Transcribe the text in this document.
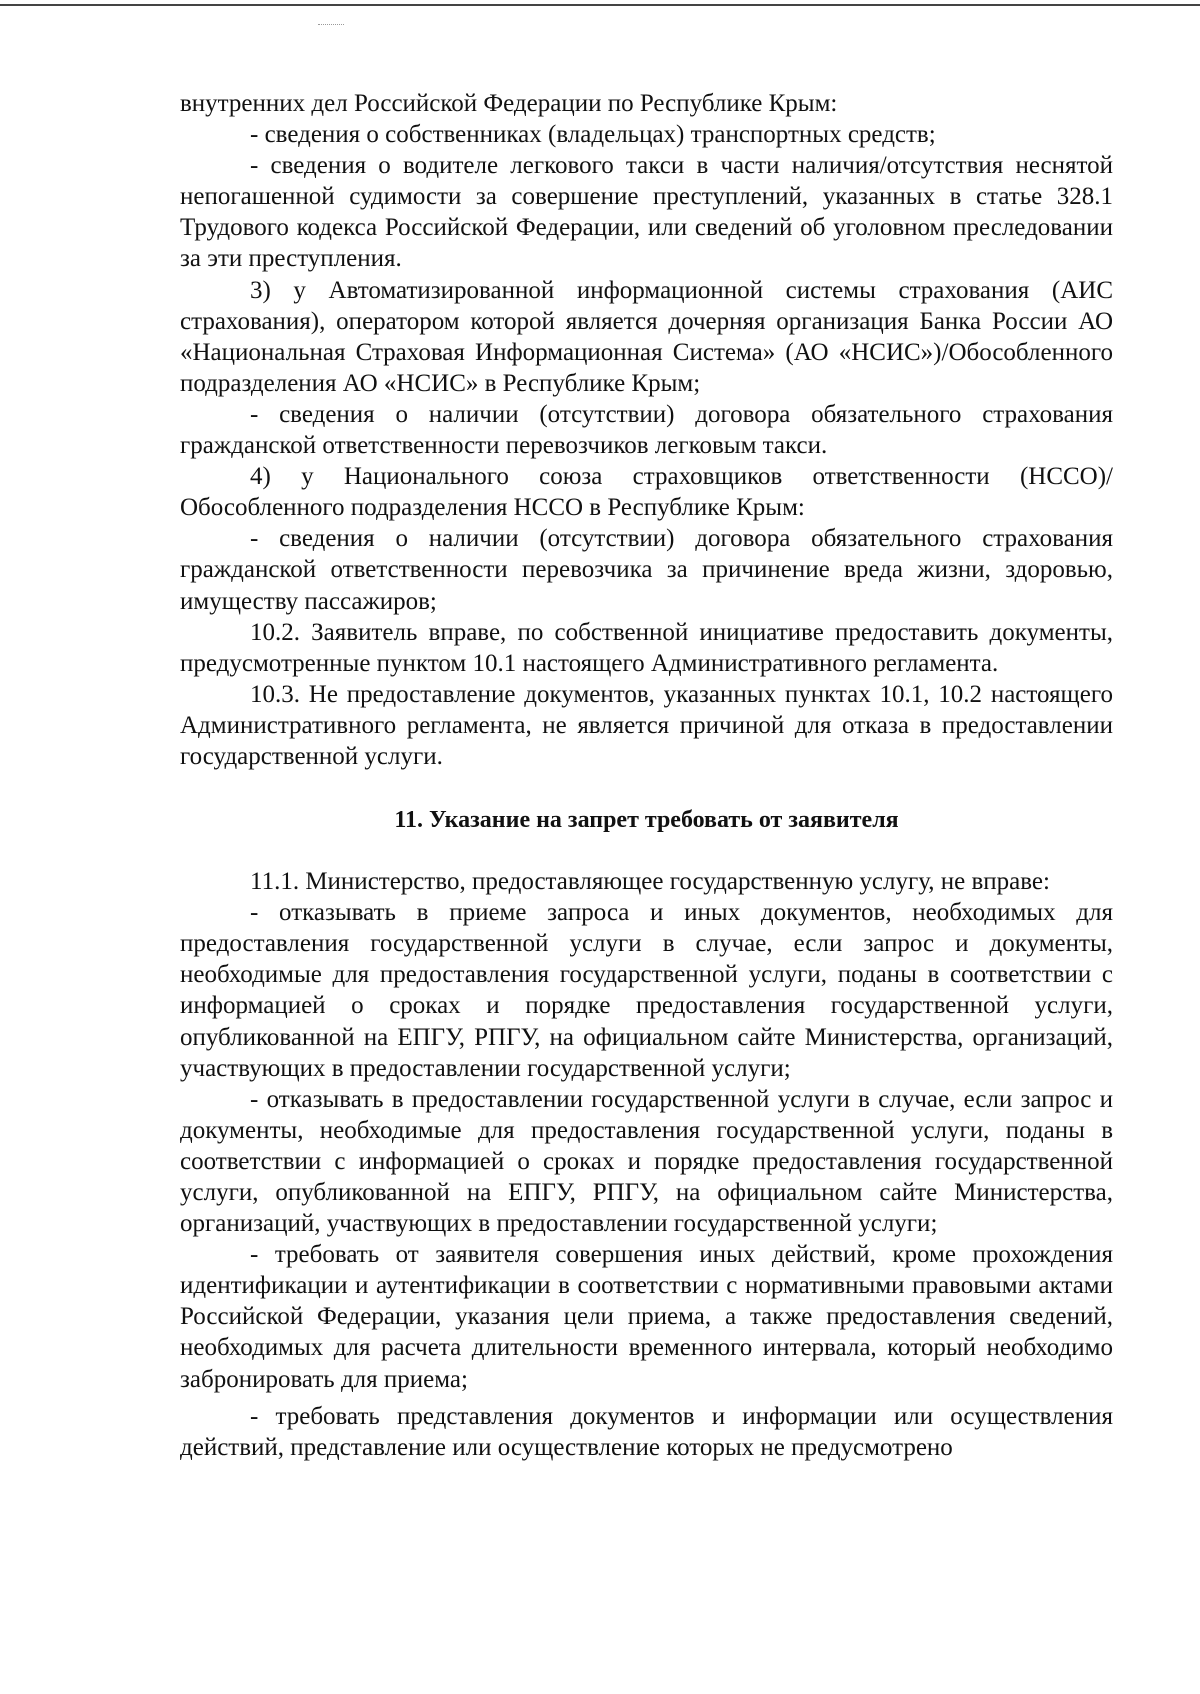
внутренних дел Российской Федерации по Республике Крым:

- сведения о собственниках (владельцах) транспортных средств;

- сведения о водителе легкового такси в части наличия/отсутствия неснятой непогашенной судимости за совершение преступлений, указанных в статье 328.1 Трудового кодекса Российской Федерации, или сведений об уголовном преследовании за эти преступления.

3) у Автоматизированной информационной системы страхования (АИС страхования), оператором которой является дочерняя организация Банка России АО «Национальная Страховая Информационная Система» (АО «НСИС»)/Обособленного подразделения АО «НСИС» в Республике Крым;

- сведения о наличии (отсутствии) договора обязательного страхования гражданской ответственности перевозчиков легковым такси.

4) у Национального союза страховщиков ответственности (НССО)/Обособленного подразделения НССО в Республике Крым:

- сведения о наличии (отсутствии) договора обязательного страхования гражданской ответственности перевозчика за причинение вреда жизни, здоровью, имуществу пассажиров;

10.2. Заявитель вправе, по собственной инициативе предоставить документы, предусмотренные пунктом 10.1 настоящего Административного регламента.

10.3. Не предоставление документов, указанных пунктах 10.1, 10.2 настоящего Административного регламента, не является причиной для отказа в предоставлении государственной услуги.

11. Указание на запрет требовать от заявителя

11.1. Министерство, предоставляющее государственную услугу, не вправе:

- отказывать в приеме запроса и иных документов, необходимых для предоставления государственной услуги в случае, если запрос и документы, необходимые для предоставления государственной услуги, поданы в соответствии с информацией о сроках и порядке предоставления государственной услуги, опубликованной на ЕПГУ, РПГУ, на официальном сайте Министерства, организаций, участвующих в предоставлении государственной услуги;

- отказывать в предоставлении государственной услуги в случае, если запрос и документы, необходимые для предоставления государственной услуги, поданы в соответствии с информацией о сроках и порядке предоставления государственной услуги, опубликованной на ЕПГУ, РПГУ, на официальном сайте Министерства, организаций, участвующих в предоставлении государственной услуги;

- требовать от заявителя совершения иных действий, кроме прохождения идентификации и аутентификации в соответствии с нормативными правовыми актами Российской Федерации, указания цели приема, а также предоставления сведений, необходимых для расчета длительности временного интервала, который необходимо забронировать для приема;

- требовать представления документов и информации или осуществления действий, представление или осуществление которых не предусмотрено
